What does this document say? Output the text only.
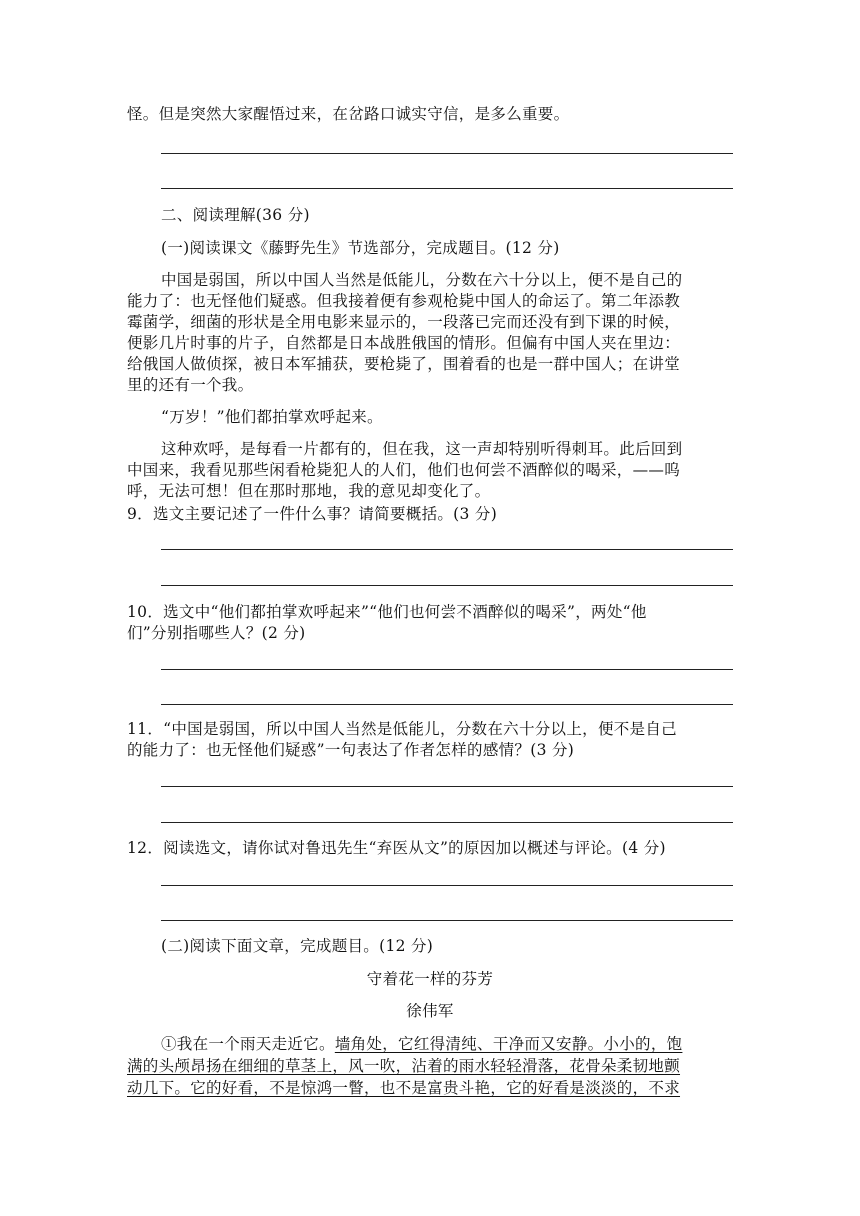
怪。但是突然大家醒悟过来，在岔路口诚实守信，是多么重要。
二、阅读理解(36 分)
(一)阅读课文《藤野先生》节选部分，完成题目。(12 分)
中国是弱国，所以中国人当然是低能儿，分数在六十分以上，便不是自己的
能力了：也无怪他们疑惑。但我接着便有参观枪毙中国人的命运了。第二年添教
霉菌学，细菌的形状是全用电影来显示的，一段落已完而还没有到下课的时候，
便影几片时事的片子，自然都是日本战胜俄国的情形。但偏有中国人夹在里边：
给俄国人做侦探，被日本军捕获，要枪毙了，围着看的也是一群中国人；在讲堂
里的还有一个我。
“万岁！”他们都拍掌欢呼起来。
这种欢呼，是每看一片都有的，但在我，这一声却特别听得刺耳。此后回到
中国来，我看见那些闲看枪毙犯人的人们，他们也何尝不酒醉似的喝采，——呜
呼，无法可想！但在那时那地，我的意见却变化了。
9．选文主要记述了一件什么事？请简要概括。(3 分)
10．选文中“他们都拍掌欢呼起来”“他们也何尝不酒醉似的喝采”，两处“他
们”分别指哪些人？(2 分)
11．“中国是弱国，所以中国人当然是低能儿，分数在六十分以上，便不是自己
的能力了：也无怪他们疑惑”一句表达了作者怎样的感情？(3 分)
12．阅读选文，请你试对鲁迅先生“弃医从文”的原因加以概述与评论。(4 分)
(二)阅读下面文章，完成题目。(12 分)
守着花一样的芬芳
徐伟军
①我在一个雨天走近它。墙角处，它红得清纯、干净而又安静。小小的，饱
满的头颅昂扬在细细的草茎上，风一吹，沾着的雨水轻轻滑落，花骨朵柔韧地颤
动几下。它的好看，不是惊鸿一瞥，也不是富贵斗艳，它的好看是淡淡的，不求
